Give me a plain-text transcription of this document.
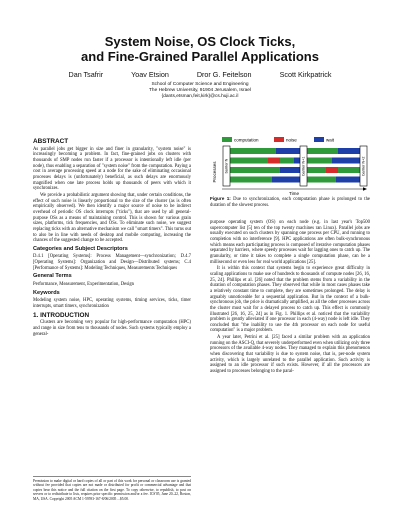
System Noise, OS Clock Ticks,
and Fine-Grained Parallel Applications
Dan Tsafrir	Yoav Etsion	Dror G. Feitelson	Scott Kirkpatrick
School of Computer Science and Engineering
The Hebrew University, 91904 Jerusalem, Israel
{dants,etsman,feit,kirk}@cs.huji.ac.il
ABSTRACT

As parallel jobs get bigger in size and finer in granularity, "system noise" is increasingly becoming a problem. In fact, fine-grained jobs on clusters with thousands of SMP nodes run faster if a processor is intentionally left idle (per node), thus enabling a separation of "system noise" from the computation. Paying a cost in average processing speed at a node for the sake of eliminating occasional processes delays is (unfortunately) beneficial, as such delays are enormously magnified when one late process holds up thousands of peers with which it synchronizes.

We provide a probabilistic argument showing that, under certain conditions, the effect of such noise is linearly proportional to the size of the cluster (as is often empirically observed). We then identify a major source of noise to be indirect overhead of periodic OS clock interrupts ("ticks"), that are used by all general-purpose OSs as a means of maintaining control. This is shown for various grain sizes, platforms, tick frequencies, and OSs. To eliminate such noise, we suggest replacing ticks with an alternative mechanism we call "smart timers". This turns out to also be in line with needs of desktop and mobile computing, increasing the chances of the suggested change to be accepted.

Categories and Subject Descriptors

D.4.1 [Operating Systems]: Process Management—synchronization; D.4.7 [Operating Systems]: Organization and Design—Distributed systems; C.4 [Performance of Systems]: Modeling Techniques, Measurements Techniques

General Terms

Performance, Measurement, Experimentation, Design

Keywords

Modeling system noise, HPC, operating systems, timing services, ticks, timer interrupts, smart timers, synchronization

1. INTRODUCTION

Clusters are becoming very popular for high-performance computation (HPC) and range in size from tens to thousands of nodes. Such systems typically employ a general-

Permission to make digital or hard copies of all or part of this work for personal or classroom use is granted without fee provided that copies are not made or distributed for profit or commercial advantage and that copies bear this notice and the full citation on the first page. To copy otherwise, to republish, to post on servers or to redistribute to lists, requires prior specific permission and/or a fee. ICS'05, June 20–22, Boston, MA, USA. Copyright 2005 ACM 1-59593-167-8/06/2005 ...$5.00.
computation	noise	wait
Processes barrier N	barrier N+1	barrier N+2
Time
Figure 1: Due to synchronization, each computation phase is prolonged to the duration of the slowest process.

purpose operating system (OS) on each node (e.g. in last year's Top500 supercomputer list [5] ten of the top twenty machines ran Linux). Parallel jobs are usually executed on such clusters by spanning one process per CPU, and running to completion with no interference [9]. HPC applications are often bulk-synchronous which means each participating process is composed of iterative computation phases separated by barriers, where speedy processes wait for lagging ones to catch up. The granularity, or time it takes to complete a single computation phase, can be a millisecond or even less for real world applications [25].

It is within this context that systems begin to experience great difficulty in scaling applications to make use of hundreds to thousands of compute nodes [26, 16, 25, 24]. Phillips et al. [26] noted that the problem stems from a variability in the duration of computation phases. They observed that while in most cases phases take a relatively constant time to complete, they are sometimes prolonged. The delay is arguably unnoticeable for a sequential application. But in the context of a bulk-synchronous job, the price is dramatically amplified, as all the other processes across the cluster must wait for a delayed process to catch up. This effect is commonly illustrated [26, 16, 25, 24] as in Fig. 1. Phillips et al. noticed that the variability problem is greatly alleviated if one processor in each (4-way) node is left idle. They concluded that "the inability to use the 4th processor on each node for useful computation" is a major problem.

A year later, Petrini et al. [25] faced a similar problem with an application running on the ASCI-Q, that severely underperformed even when utilizing only three processors of the available 4-way nodes. They managed to explain this phenomenon when discovering that variability is due to system noise, that is, per-node system activity, which is largely unrelated to the parallel application. Such activity is assigned to an idle processor if such exists. However, if all the processors are assigned to processes belonging to the paral-
